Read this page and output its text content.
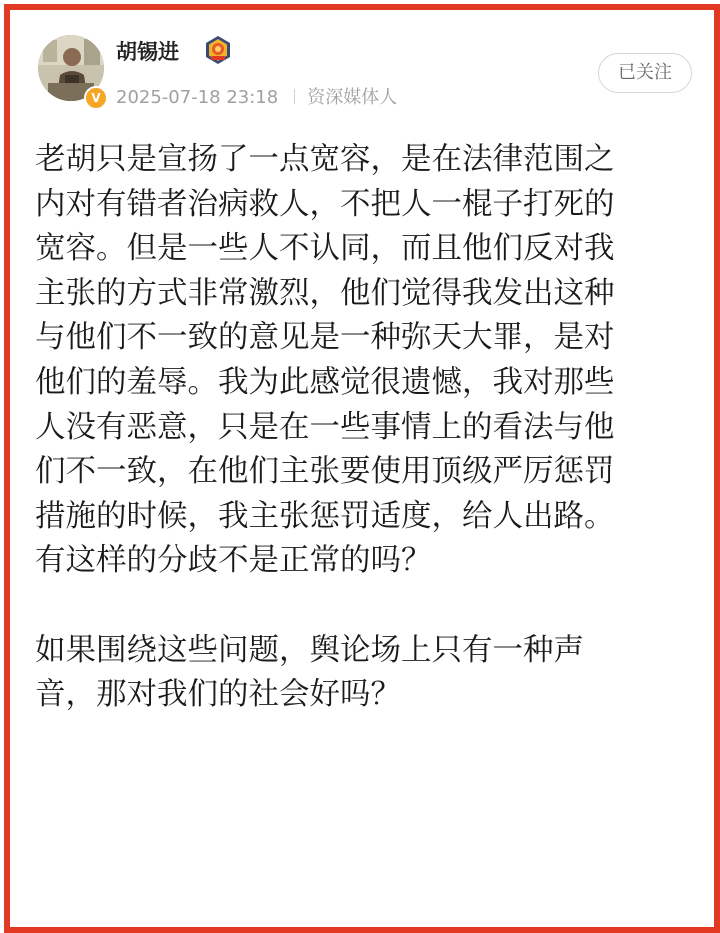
V
胡锡进
2025-07-18 23:18 资深媒体人
已关注
老胡只是宣扬了一点宽容，是在法律范围之
内对有错者治病救人，不把人一棍子打死的
宽容。但是一些人不认同，而且他们反对我
主张的方式非常激烈，他们觉得我发出这种
与他们不一致的意见是一种弥天大罪，是对
他们的羞辱。我为此感觉很遗憾，我对那些
人没有恶意，只是在一些事情上的看法与他
们不一致，在他们主张要使用顶级严厉惩罚
措施的时候，我主张惩罚适度，给人出路。
有这样的分歧不是正常的吗？
如果围绕这些问题，舆论场上只有一种声
音，那对我们的社会好吗？
